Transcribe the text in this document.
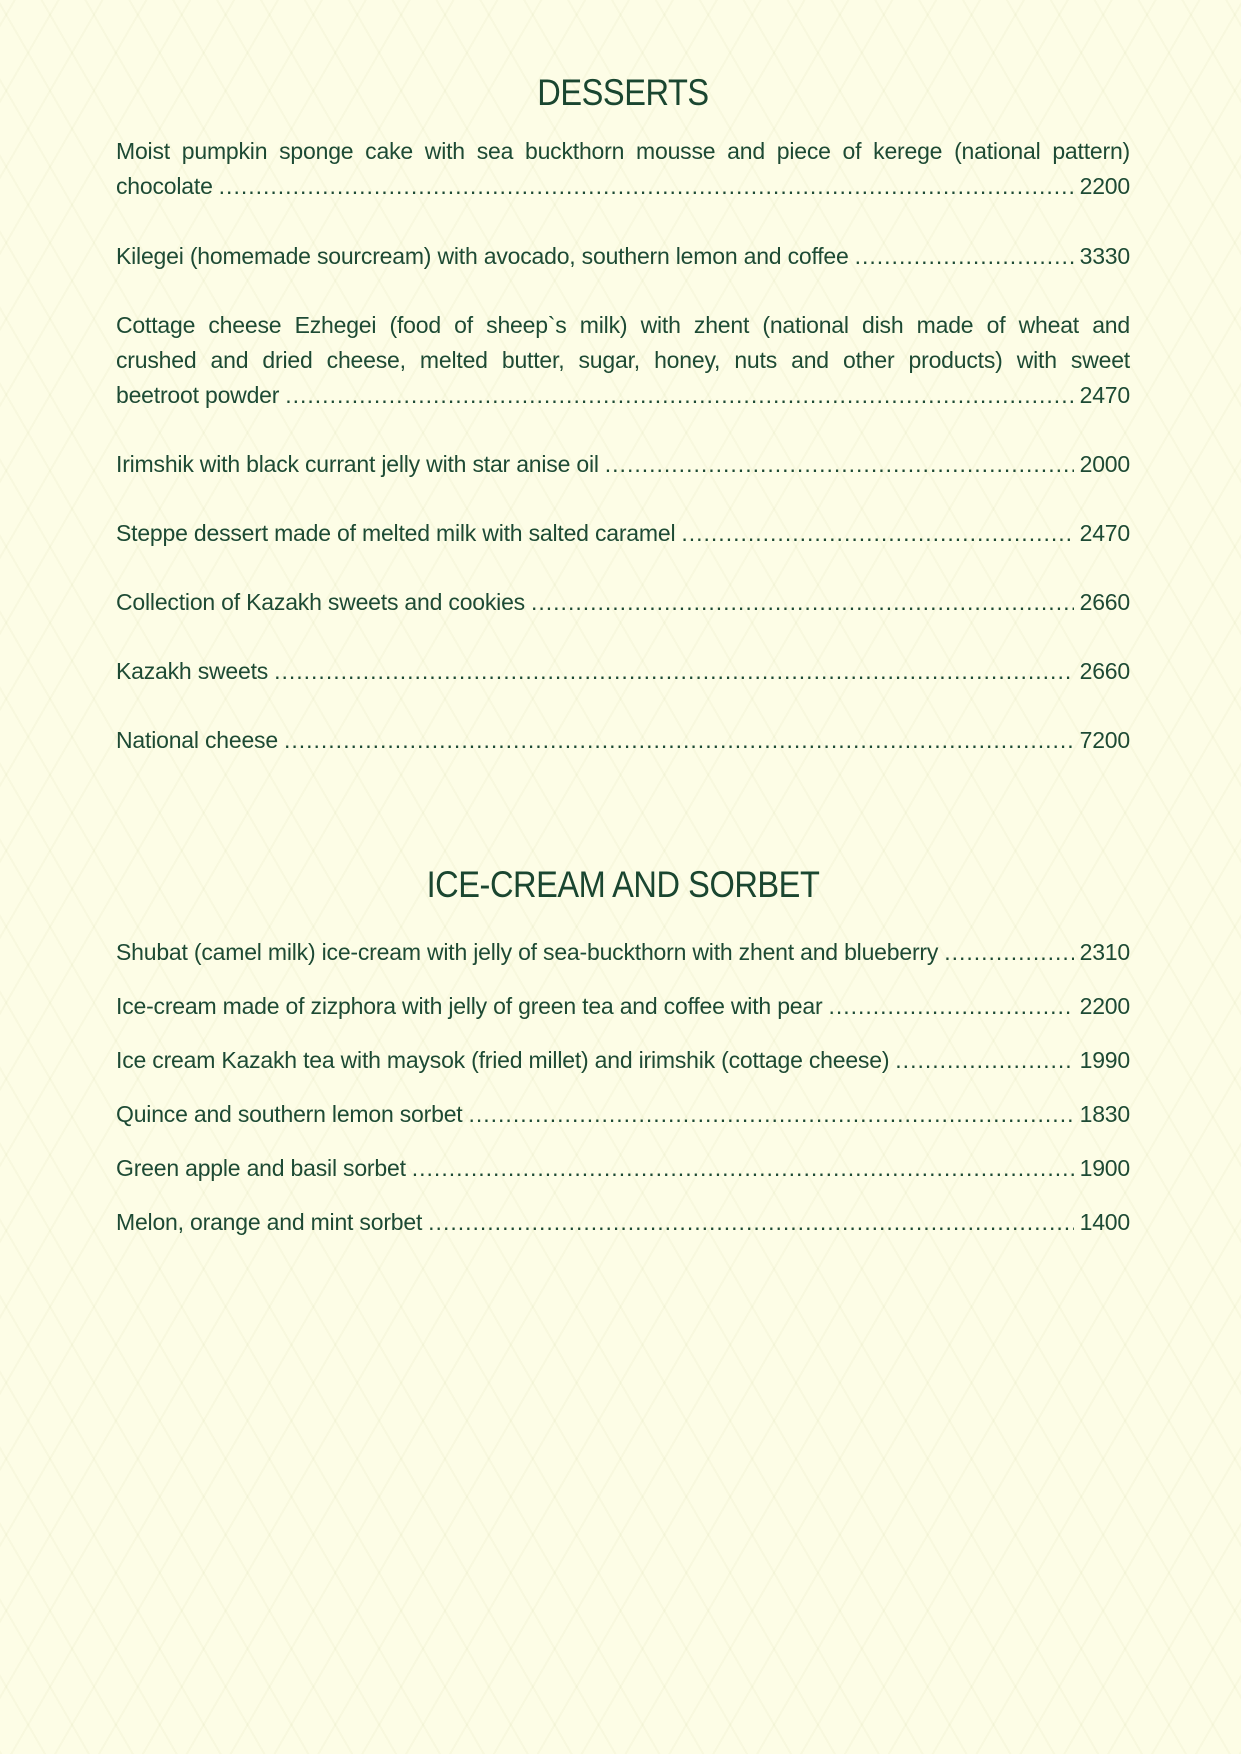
DESSERTS
Moist pumpkin sponge cake with sea buckthorn mousse and piece of kerege (national pattern)
chocolate .....	2200
Kilegei (homemade sourcream) with avocado, southern lemon and coffee .....	3330
Cottage cheese Ezhegei (food of sheep`s milk) with zhent (national dish made of wheat and
crushed and dried cheese, melted butter, sugar, honey, nuts and other products) with sweet
beetroot powder .....	2470
Irimshik with black currant jelly with star anise oil .....	2000
Steppe dessert made of melted milk with salted caramel .....	2470
Collection of Kazakh sweets and cookies .....	2660
Kazakh sweets .....	2660
National cheese .....	7200
ICE-CREAM AND SORBET
Shubat (camel milk) ice-cream with jelly of sea-buckthorn with zhent and blueberry .....	2310
Ice-cream made of zizphora with jelly of green tea and coffee with pear .....	2200
Ice cream Kazakh tea with maysok (fried millet) and irimshik (cottage cheese) .....	1990
Quince and southern lemon sorbet .....	1830
Green apple and basil sorbet .....	1900
Melon, orange and mint sorbet .....	1400
